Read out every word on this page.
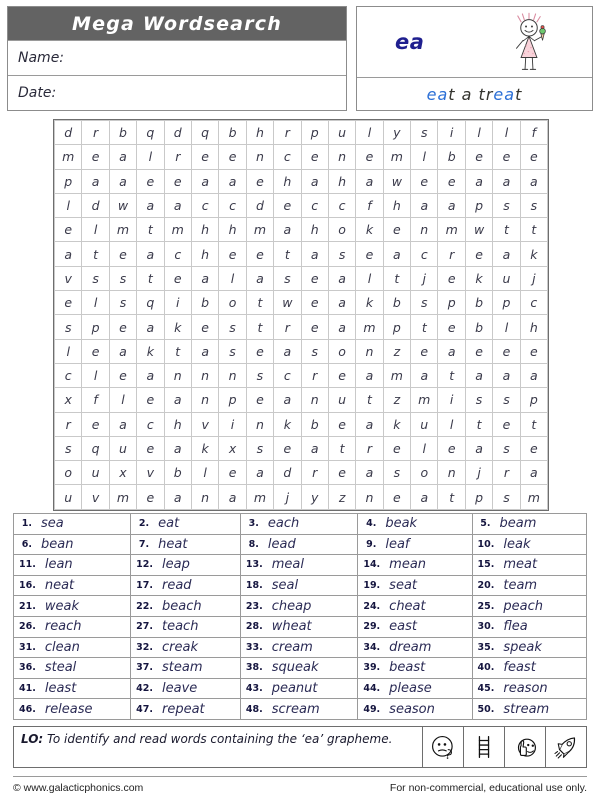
Mega Wordsearch
Name:
Date:
ea
ea t a tr ea t
d	r	b	q	d	q	b	h	r	p	u	l	y	s	i	l	l	f
m	e	a	l	r	e	e	n	c	e	n	e	m	l	b	e	e	e
p	a	a	e	e	a	a	e	h	a	h	a	w	e	e	a	a	a
l	d	w	a	a	c	c	d	e	c	c	f	h	a	a	p	s	s
e	l	m	t	m	h	h	m	a	h	o	k	e	n	m	w	t	t
a	t	e	a	c	h	e	e	t	a	s	e	a	c	r	e	a	k
v	s	s	t	e	a	l	a	s	e	a	l	t	j	e	k	u	j
e	l	s	q	i	b	o	t	w	e	a	k	b	s	p	b	p	c
s	p	e	a	k	e	s	t	r	e	a	m	p	t	e	b	l	h
l	e	a	k	t	a	s	e	a	s	o	n	z	e	a	e	e	e
c	l	e	a	n	n	n	s	c	r	e	a	m	a	t	a	a	a
x	f	l	e	a	n	p	e	a	n	u	t	z	m	i	s	s	p
r	e	a	c	h	v	i	n	k	b	e	a	k	u	l	t	e	t
s	q	u	e	a	k	x	s	e	a	t	r	e	l	e	a	s	e
o	u	x	v	b	l	e	a	d	r	e	a	s	o	n	j	r	a
u	v	m	e	a	n	a	m	j	y	z	n	e	a	t	p	s	m
1. sea	2. eat	3. each	4. beak	5. beam
6. bean	7. heat	8. lead	9. leaf	10. leak
11. lean	12. leap	13. meal	14. mean	15. meat
16. neat	17. read	18. seal	19. seat	20. team
21. weak	22. beach	23. cheap	24. cheat	25. peach
26. reach	27. teach	28. wheat	29. east	30. flea
31. clean	32. creak	33. cream	34. dream	35. speak
36. steal	37. steam	38. squeak	39. beast	40. feast
41. least	42. leave	43. peanut	44. please	45. reason
46. release	47. repeat	48. scream	49. season	50. stream
LO: To identify and read words containing the ‘ea’ grapheme.
© www.galacticphonics.com	For non-commercial, educational use only.
